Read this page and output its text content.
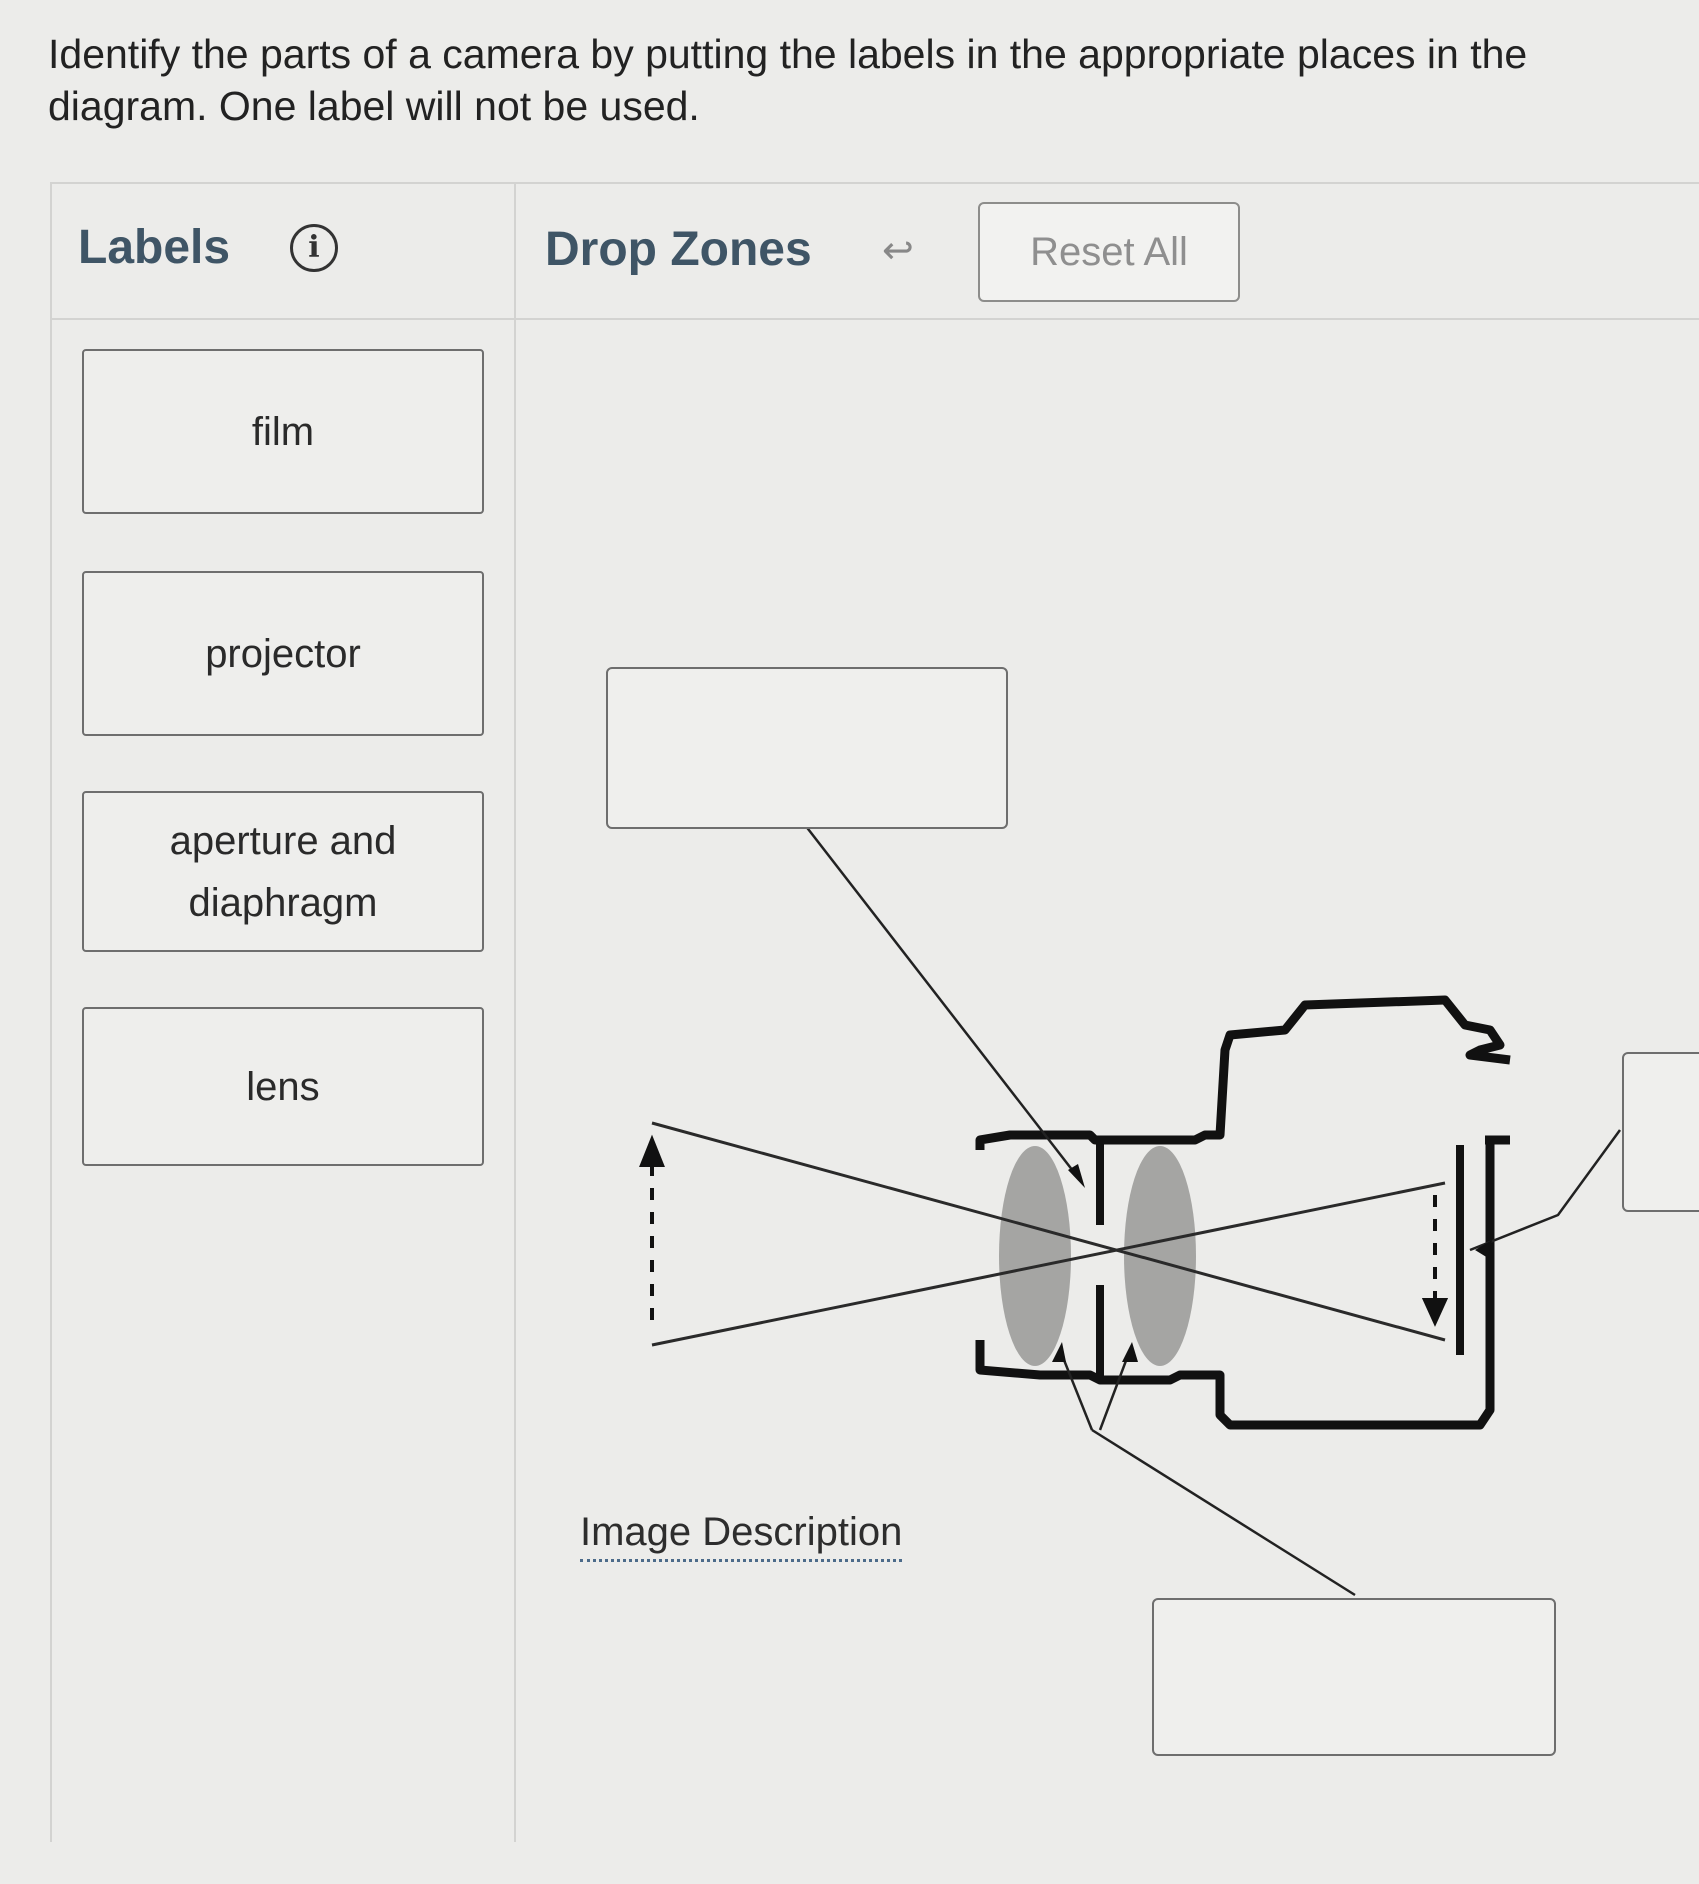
Identify the parts of a camera by putting the labels in the appropriate places in the diagram. One label will not be used.
Labels	i	Drop Zones ↩	Reset All
film
projector
aperture and diaphragm
lens
Image Description
